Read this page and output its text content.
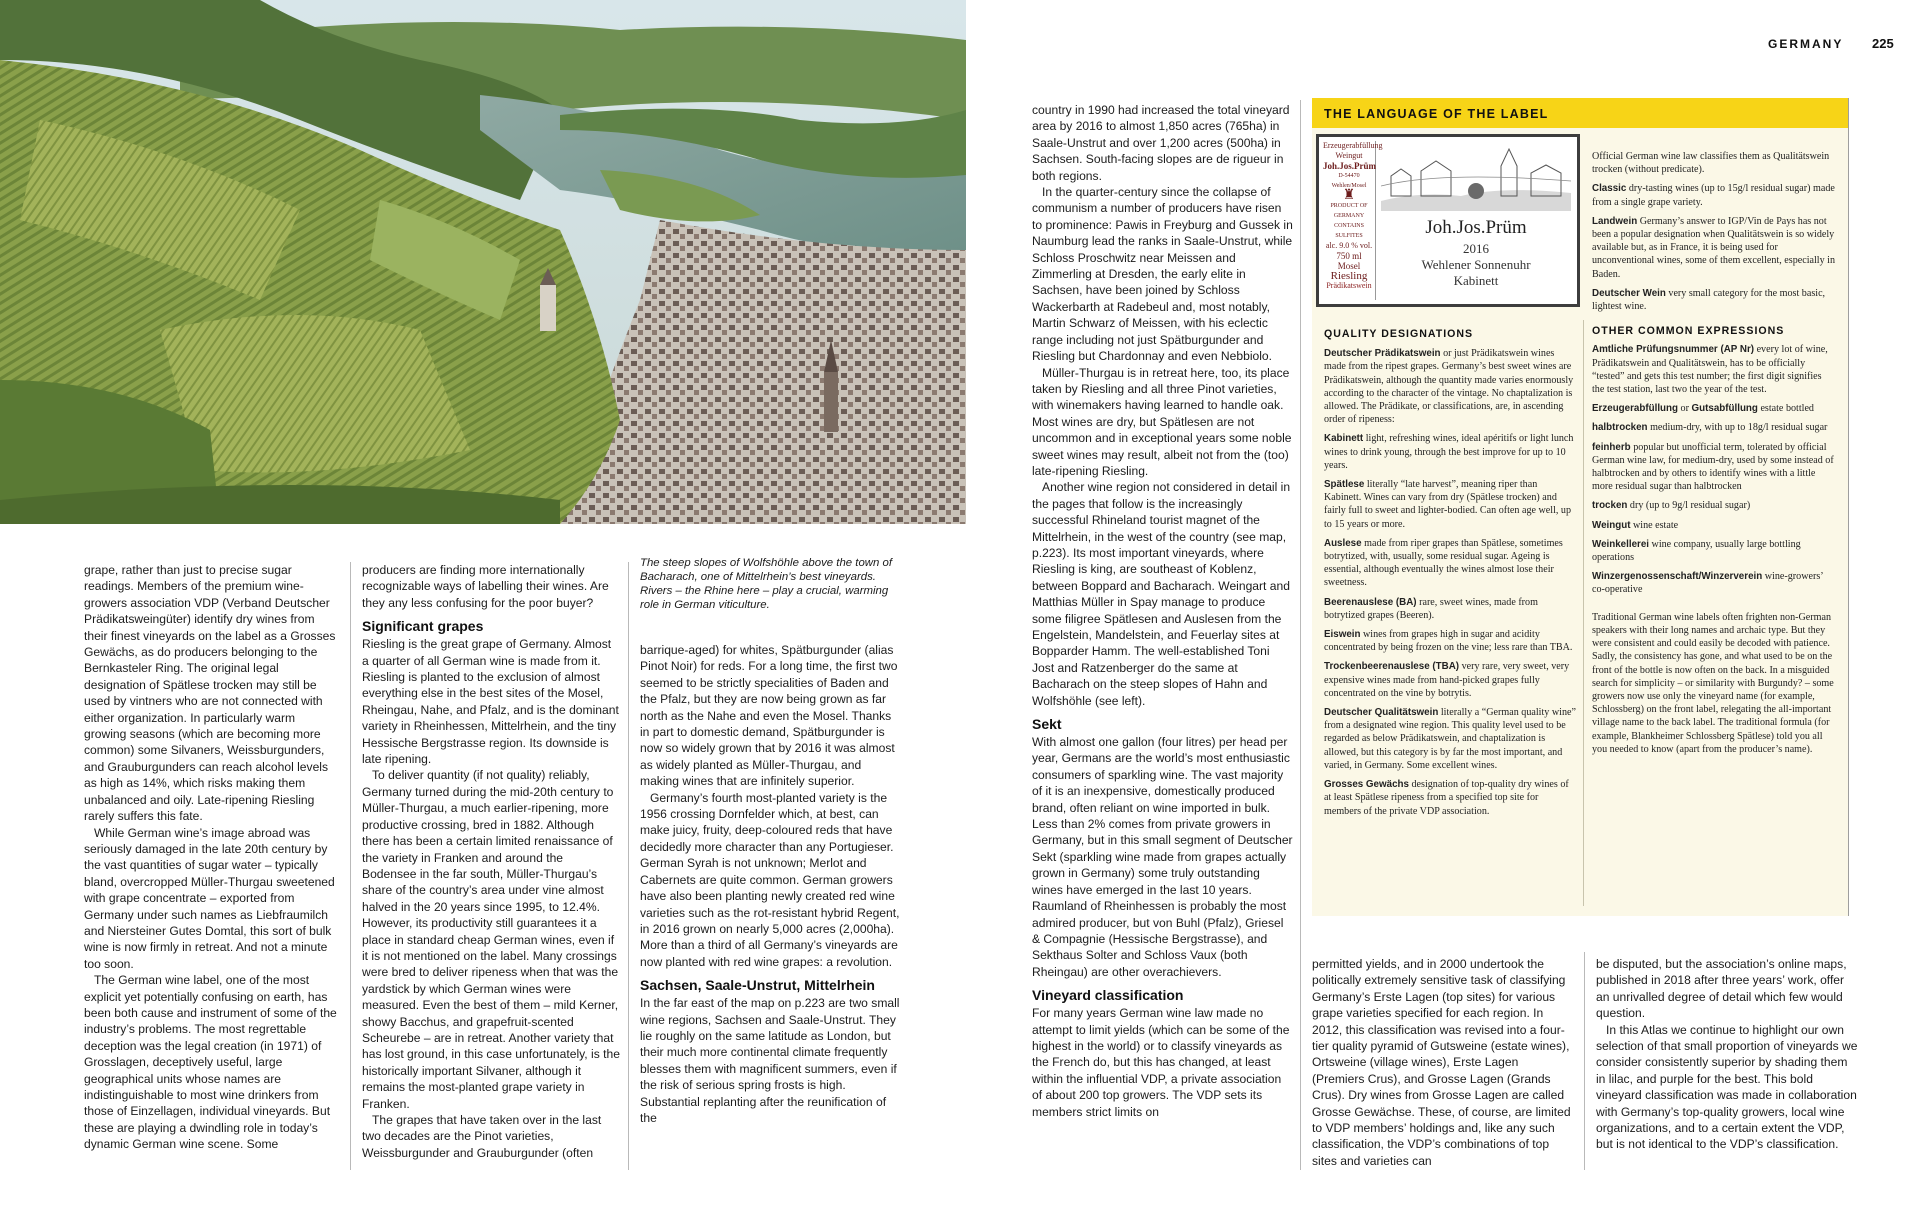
GERMANY 225

grape, rather than just to precise sugar readings. Members of the premium wine-growers association VDP (Verband Deutscher Prädikatsweingüter) identify dry wines from their finest vineyards on the label as a Grosses Gewächs, as do producers belonging to the Bernkasteler Ring. The original legal designation of Spätlese trocken may still be used by vintners who are not connected with either organization. In particularly warm growing seasons (which are becoming more common) some Silvaners, Weissburgunders, and Grauburgunders can reach alcohol levels as high as 14%, which risks making them unbalanced and oily. Late-ripening Riesling rarely suffers this fate.

While German wine’s image abroad was seriously damaged in the late 20th century by the vast quantities of sugar water – typically bland, overcropped Müller-Thurgau sweetened with grape concentrate – exported from Germany under such names as Liebfraumilch and Niersteiner Gutes Domtal, this sort of bulk wine is now firmly in retreat. And not a minute too soon.

The German wine label, one of the most explicit yet potentially confusing on earth, has been both cause and instrument of some of the industry’s problems. The most regrettable deception was the legal creation (in 1971) of Grosslagen, deceptively useful, large geographical units whose names are indistinguishable to most wine drinkers from those of Einzellagen, individual vineyards. But these are playing a dwindling role in today’s dynamic German wine scene. Some

producers are finding more internationally recognizable ways of labelling their wines. Are they any less confusing for the poor buyer?

Significant grapes

Riesling is the great grape of Germany. Almost a quarter of all German wine is made from it. Riesling is planted to the exclusion of almost everything else in the best sites of the Mosel, Rheingau, Nahe, and Pfalz, and is the dominant variety in Rheinhessen, Mittelrhein, and the tiny Hessische Bergstrasse region. Its downside is late ripening.

To deliver quantity (if not quality) reliably, Germany turned during the mid-20th century to Müller-Thurgau, a much earlier-ripening, more productive crossing, bred in 1882. Although there has been a certain limited renaissance of the variety in Franken and around the Bodensee in the far south, Müller-Thurgau’s share of the country’s area under vine almost halved in the 20 years since 1995, to 12.4%. However, its productivity still guarantees it a place in standard cheap German wines, even if it is not mentioned on the label. Many crossings were bred to deliver ripeness when that was the yardstick by which German wines were measured. Even the best of them – mild Kerner, showy Bacchus, and grapefruit-scented Scheurebe – are in retreat. Another variety that has lost ground, in this case unfortunately, is the historically important Silvaner, although it remains the most-planted grape variety in Franken.

The grapes that have taken over in the last two decades are the Pinot varieties, Weissburgunder and Grauburgunder (often

The steep slopes of Wolfshöhle above the town of Bacharach, one of Mittelrhein’s best vineyards. Rivers – the Rhine here – play a crucial, warming role in German viticulture.

barrique-aged) for whites, Spätburgunder (alias Pinot Noir) for reds. For a long time, the first two seemed to be strictly specialities of Baden and the Pfalz, but they are now being grown as far north as the Nahe and even the Mosel. Thanks in part to domestic demand, Spätburgunder is now so widely grown that by 2016 it was almost as widely planted as Müller-Thurgau, and making wines that are infinitely superior.

Germany’s fourth most-planted variety is the 1956 crossing Dornfelder which, at best, can make juicy, fruity, deep-coloured reds that have decidedly more character than any Portugieser. German Syrah is not unknown; Merlot and Cabernets are quite common. German growers have also been planting newly created red wine varieties such as the rot-resistant hybrid Regent, in 2016 grown on nearly 5,000 acres (2,000ha). More than a third of all Germany’s vineyards are now planted with red wine grapes: a revolution.

Sachsen, Saale-Unstrut, Mittelrhein

In the far east of the map on p.223 are two small wine regions, Sachsen and Saale-Unstrut. They lie roughly on the same latitude as London, but their much more continental climate frequently blesses them with magnificent summers, even if the risk of serious spring frosts is high. Substantial replanting after the reunification of the

country in 1990 had increased the total vineyard area by 2016 to almost 1,850 acres (765ha) in Saale-Unstrut and over 1,200 acres (500ha) in Sachsen. South-facing slopes are de rigueur in both regions.

In the quarter-century since the collapse of communism a number of producers have risen to prominence: Pawis in Freyburg and Gussek in Naumburg lead the ranks in Saale-Unstrut, while Schloss Proschwitz near Meissen and Zimmerling at Dresden, the early elite in Sachsen, have been joined by Schloss Wackerbarth at Radebeul and, most notably, Martin Schwarz of Meissen, with his eclectic range including not just Spätburgunder and Riesling but Chardonnay and even Nebbiolo.

Müller-Thurgau is in retreat here, too, its place taken by Riesling and all three Pinot varieties, with winemakers having learned to handle oak. Most wines are dry, but Spätlesen are not uncommon and in exceptional years some noble sweet wines may result, albeit not from the (too) late-ripening Riesling.

Another wine region not considered in detail in the pages that follow is the increasingly successful Rhineland tourist magnet of the Mittelrhein, in the west of the country (see map, p.223). Its most important vineyards, where Riesling is king, are southeast of Koblenz, between Boppard and Bacharach. Weingart and Matthias Müller in Spay manage to produce some filigree Spätlesen and Auslesen from the Engelstein, Mandelstein, and Feuerlay sites at Bopparder Hamm. The well-established Toni Jost and Ratzenberger do the same at Bacharach on the steep slopes of Hahn and Wolfshöhle (see left).

Sekt

With almost one gallon (four litres) per head per year, Germans are the world’s most enthusiastic consumers of sparkling wine. The vast majority of it is an inexpensive, domestically produced brand, often reliant on wine imported in bulk. Less than 2% comes from private growers in Germany, but in this small segment of Deutscher Sekt (sparkling wine made from grapes actually grown in Germany) some truly outstanding wines have emerged in the last 10 years. Raumland of Rheinhessen is probably the most admired producer, but von Buhl (Pfalz), Griesel & Compagnie (Hessische Bergstrasse), and Sekthaus Solter and Schloss Vaux (both Rheingau) are other overachievers.

Vineyard classification

For many years German wine law made no attempt to limit yields (which can be some of the highest in the world) or to classify vineyards as the French do, but this has changed, at least within the influential VDP, a private association of about 200 top growers. The VDP sets its members strict limits on

THE LANGUAGE OF THE LABEL
Erzeugerabfüllung
Weingut
Joh.Jos.Prüm
D-54470 Wehlen/Mosel
♜
PRODUCT OF GERMANY
CONTAINS SULFITES
alc. 9.0 % vol.
750 ml
Mosel
Riesling
Prädikatswein
Joh.Jos.Prüm
2016
Wehlener Sonnenuhr
Kabinett

Official German wine law classifies them as Qualitätswein trocken (without predicate).

Classic dry-tasting wines (up to 15g/l residual sugar) made from a single grape variety.

Landwein Germany’s answer to IGP/Vin de Pays has not been a popular designation when Qualitätswein is so widely available but, as in France, it is being used for unconventional wines, some of them excellent, especially in Baden.

Deutscher Wein very small category for the most basic, lightest wine.

OTHER COMMON EXPRESSIONS

Amtliche Prüfungsnummer (AP Nr) every lot of wine, Prädikatswein and Qualitätswein, has to be officially “tested” and gets this test number; the first digit signifies the test station, last two the year of the test.

Erzeugerabfüllung or Gutsabfüllung estate bottled

halbtrocken medium-dry, with up to 18g/l residual sugar

feinherb popular but unofficial term, tolerated by official German wine law, for medium-dry, used by some instead of halbtrocken and by others to identify wines with a little more residual sugar than halbtrocken

trocken dry (up to 9g/l residual sugar)

Weingut wine estate

Weinkellerei wine company, usually large bottling operations

Winzergenossenschaft/Winzerverein wine-growers’ co-operative

Traditional German wine labels often frighten non-German speakers with their long names and archaic type. But they were consistent and could easily be decoded with patience. Sadly, the consistency has gone, and what used to be on the front of the bottle is now often on the back. In a misguided search for simplicity – or similarity with Burgundy? – some growers now use only the vineyard name (for example, Schlossberg) on the front label, relegating the all-important village name to the back label. The traditional formula (for example, Blankheimer Schlossberg Spätlese) told you all you needed to know (apart from the producer’s name).

QUALITY DESIGNATIONS

Deutscher Prädikatswein or just Prädikatswein wines made from the ripest grapes. Germany’s best sweet wines are Prädikatswein, although the quantity made varies enormously according to the character of the vintage. No chaptalization is allowed. The Prädikate, or classifications, are, in ascending order of ripeness:

Kabinett light, refreshing wines, ideal apéritifs or light lunch wines to drink young, through the best improve for up to 10 years.

Spätlese literally “late harvest”, meaning riper than Kabinett. Wines can vary from dry (Spätlese trocken) and fairly full to sweet and lighter-bodied. Can often age well, up to 15 years or more.

Auslese made from riper grapes than Spätlese, sometimes botrytized, with, usually, some residual sugar. Ageing is essential, although eventually the wines almost lose their sweetness.

Beerenauslese (BA) rare, sweet wines, made from botrytized grapes (Beeren).

Eiswein wines from grapes high in sugar and acidity concentrated by being frozen on the vine; less rare than TBA.

Trockenbeerenauslese (TBA) very rare, very sweet, very expensive wines made from hand-picked grapes fully concentrated on the vine by botrytis.

Deutscher Qualitätswein literally a “German quality wine” from a designated wine region. This quality level used to be regarded as below Prädikatswein, and chaptalization is allowed, but this category is by far the most important, and varied, in Germany. Some excellent wines.

Grosses Gewächs designation of top-quality dry wines of at least Spätlese ripeness from a specified top site for members of the private VDP association.

permitted yields, and in 2000 undertook the politically extremely sensitive task of classifying Germany’s Erste Lagen (top sites) for various grape varieties specified for each region. In 2012, this classification was revised into a four-tier quality pyramid of Gutsweine (estate wines), Ortsweine (village wines), Erste Lagen (Premiers Crus), and Grosse Lagen (Grands Crus). Dry wines from Grosse Lagen are called Grosse Gewächse. These, of course, are limited to VDP members’ holdings and, like any such classification, the VDP’s combinations of top sites and varieties can

be disputed, but the association’s online maps, published in 2018 after three years’ work, offer an unrivalled degree of detail which few would question.

In this Atlas we continue to highlight our own selection of that small proportion of vineyards we consider consistently superior by shading them in lilac, and purple for the best. This bold vineyard classification was made in collaboration with Germany’s top-quality growers, local wine organizations, and to a certain extent the VDP, but is not identical to the VDP’s classification.
